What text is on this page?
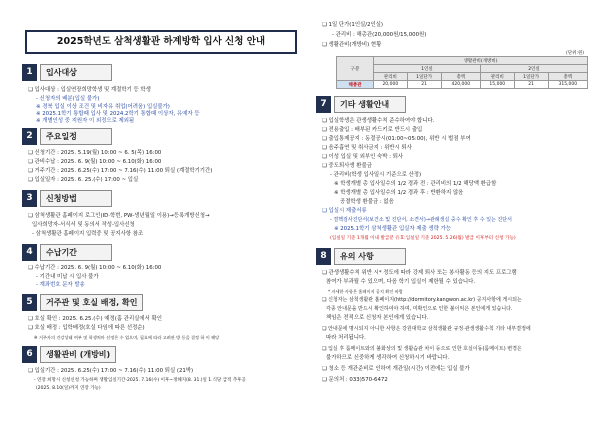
2025학년도 삼척생활관 하계방학 입사 신청 안내
1	입사대상
❏ 입사대상 : 입실연장희망학생 및 계절학기 등 학생
- 신청자의 배분(입실 불가)
※ 경북 입실 이상 조건 및 비자유 취업(어려움) 입실불가)
※ 2025.1학기 통합때 입사 및 2024.2학기 통합때 이상자, 유예자 등
※ 개별인성 중 지원자 이 외정으로 제외됨
2	주요일정
❏ 신청기간 : 2025. 5.19(월) 10:00 ~ 6. 5(목) 16:00
❏ 관비수납 : 2025. 6. 9(월) 10:00 ~ 6.10(화) 16:00
❏ 거주기간 : 2025. 6.25(수) 17:00 ~ 7.16(수) 11:00 퇴실 (계절학기기간)
❏ 입실일자 : 2025. 6. 25.(수) 17:00 ~ 입실
3	신청방법
❏ 삼척생활관 홈페이지 로그인(ID·학번, PW-생년월일 이용)→등록개방신청→
입사희망자-서식서 및 동의서 작성-입사신청
- 삼척생활관 홈페이지 입력중 및 공지사항 참조
4	수납기간
❏ 수납기간 : 2025. 6. 9(월) 10:00 ~ 6.10(화) 16:00
- 기간내 미납 시 입사 불가
- 계좌번호 문자 발송
5	거주관 및 호실 배정, 확인
❏ 호실 확인 : 2025. 6.25.(수) 예정(홈 관리실에서 확인
❏ 호실 배정 : 입학배정(호실 다임에 따른 선정순)
※ 거주자의 건강상태 여부 및 학생처마 선정은 수 업으며, 필요에 따라 고려관 방 등을 결정 하 이 해당
6	생활관비 (개방비)
❏ 입실기간 : 2025. 6.25(수) 17:00 ~ 7.16(수) 11:00 퇴실 (21박)
- 연장 희망시 신청신청 가능하며 생활입실기간-2025. 7.16(수) 이후~정해지(8. 31.)일 1.식당 급적 추후공
(2025. 8.10(일)까지 연장 가능)
❏ 1일 단가(1인실/2인실)
- 관리비 : 해총관(20,000원/15,000원)
❏ 생활관비(개방비) 현황
(단위:원)
구분	생활관비(개방비)					
	1인실			2인실		
	관리비	1일단가	총액	관리비	1일단가	총액
해총관	20,000	21	420,000	15,000	21	315,000
7	기타 생활안내
❏ 입실학생은 관생생활수칙 준수하여야 합니다.
❏ 전용출입 : 배부된 카드키로 반드시 출입
❏ 출입통제공지 : 동절공시(01:00~05:00), 위반 시 벌점 부여
❏ 음주흡연 및 취사금지 : 위반시 퇴사
❏ 이성 입실 및 외부인 숙박 : 퇴사
❏ 중도퇴사생 환불금
- 관리비(학생 입사일시 기준으로 산정)
※ 학생개별 총 입사일수의 1/2 경과 전 : 관리비의 1/2 해당액 환급함
※ 학생개별 총 입사일수의 1/2 경과 후 : 반환하지 않음
공결학생 환불금 : 없음
❏ 입실시 제출서류
- 결핵검사진단서(보건소 및 진단서, 소견서)→관례생실 중수 확인 후 수 있는 진단서
※ 2025.1학기 삼척생활관 입실자 제출 생략 가능
(입실일 기준 1개월 이내 발급분 유효:입실일 기준 2025. 5.26(월) 발급 이후부터 신청 가능)
8	유의 사항
❏ 관생생활수칙 위반 시* 정도에 따라 강제 퇴사 또는 봉사활동 등의 지도 프로그램
참여가 부과될 수 있으며, 다음 학기 입실이 제한될 수 있습니다.
* 자세한 사항은 홈페이지 공지 확인 바람
❏ 신청자는 삼척생활관 홈페이지(http://dormitory.kangwon.ac.kr) 공지사항에 게시되는
각종 안내문을 반드시 확인하여야 하며, 미확인으로 인한 불이익은 본인에게 있습니다.
책임은 전적으로 신청자 본인에게 있습니다.
❏ 안내문에 명시되지 아니한 사항은 강원대학교 삼척생활관 규정·관생생활수칙 기타 내부결정에
따라 처리됩니다.
❏ 입실 후 룸메이트와의 불화상의 및 생활습관 차이 등으로 인한 호실이동(룸메이트) 변경은
불가하므로 신중하게 생각하여 신청하시기 바랍니다.
❏ 청소 등 개관준비로 인하여 개관일(시간) 이전에는 입실 불가
❏ 문의처 : 033)570-6472
